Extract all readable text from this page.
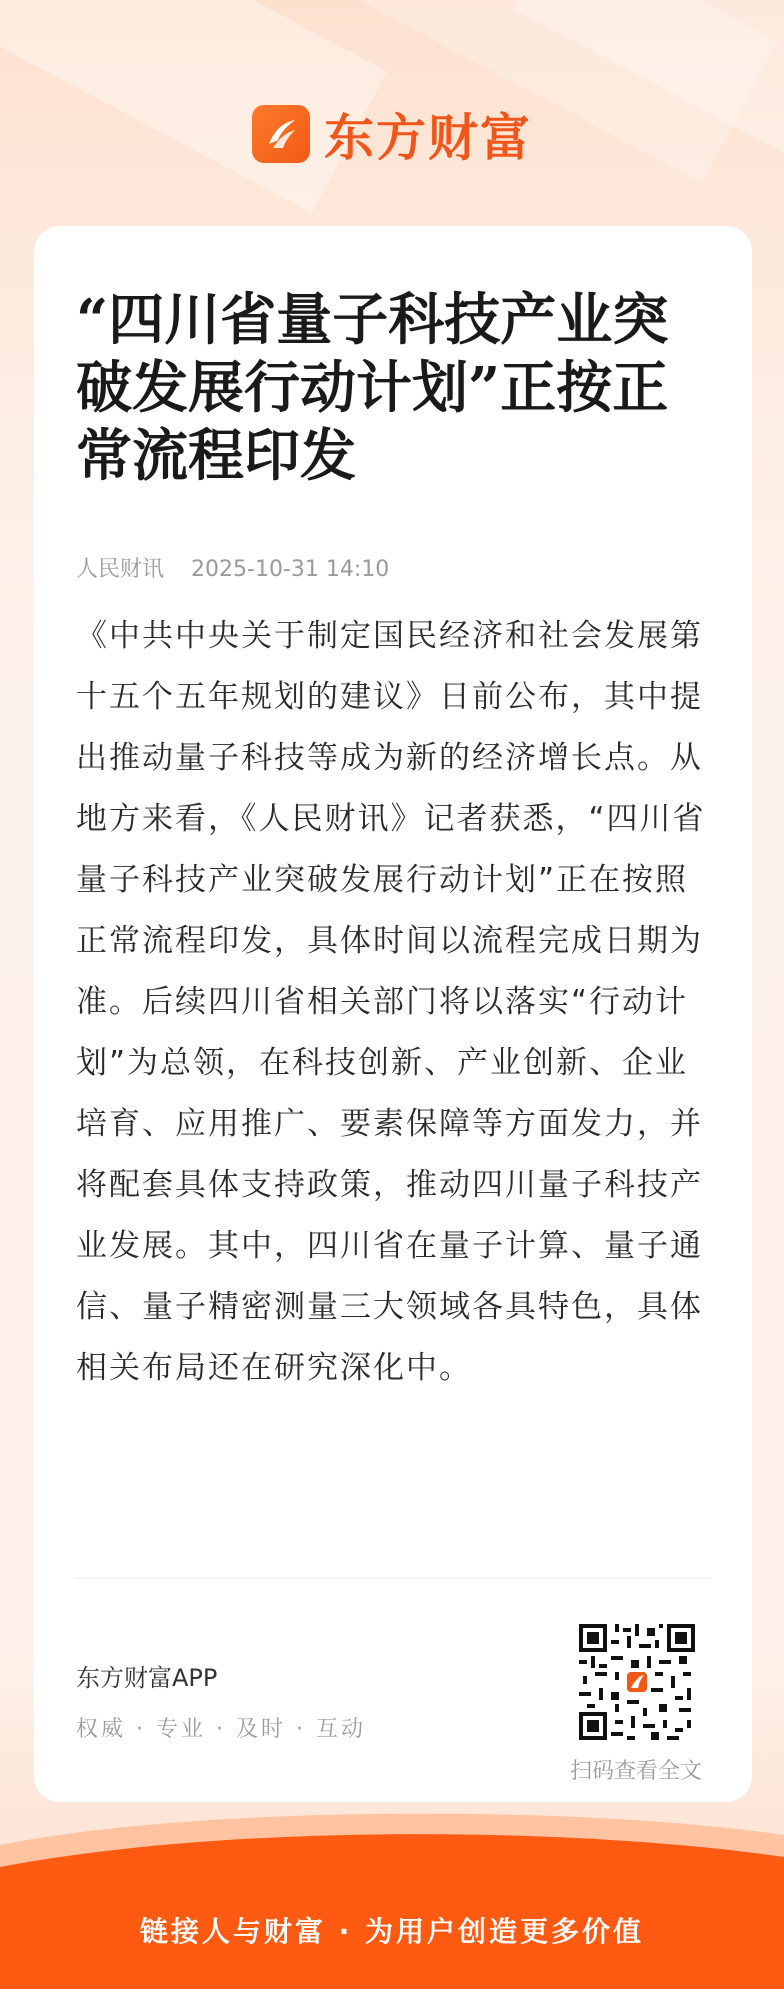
东方财富
“四川省量子科技产业突破发展行动计划”正按正常流程印发
人民财讯 2025-10-31 14:10

《中共中央关于制定国民经济和社会发展第十五个五年规划的建议》日前公布，其中提出推动量子科技等成为新的经济增长点。从地方来看，《人民财讯》记者获悉，“四川省量子科技产业突破发展行动计划”正在按照正常流程印发，具体时间以流程完成日期为准。后续四川省相关部门将以落实“行动计划”为总领，在科技创新、产业创新、企业培育、应用推广、要素保障等方面发力，并将配套具体支持政策，推动四川量子科技产业发展。其中，四川省在量子计算、量子通信、量子精密测量三大领域各具特色，具体相关布局还在研究深化中。

东方财富APP
权威 · 专业 · 及时 · 互动
扫码查看全文
链接人与财富 · 为用户创造更多价值
